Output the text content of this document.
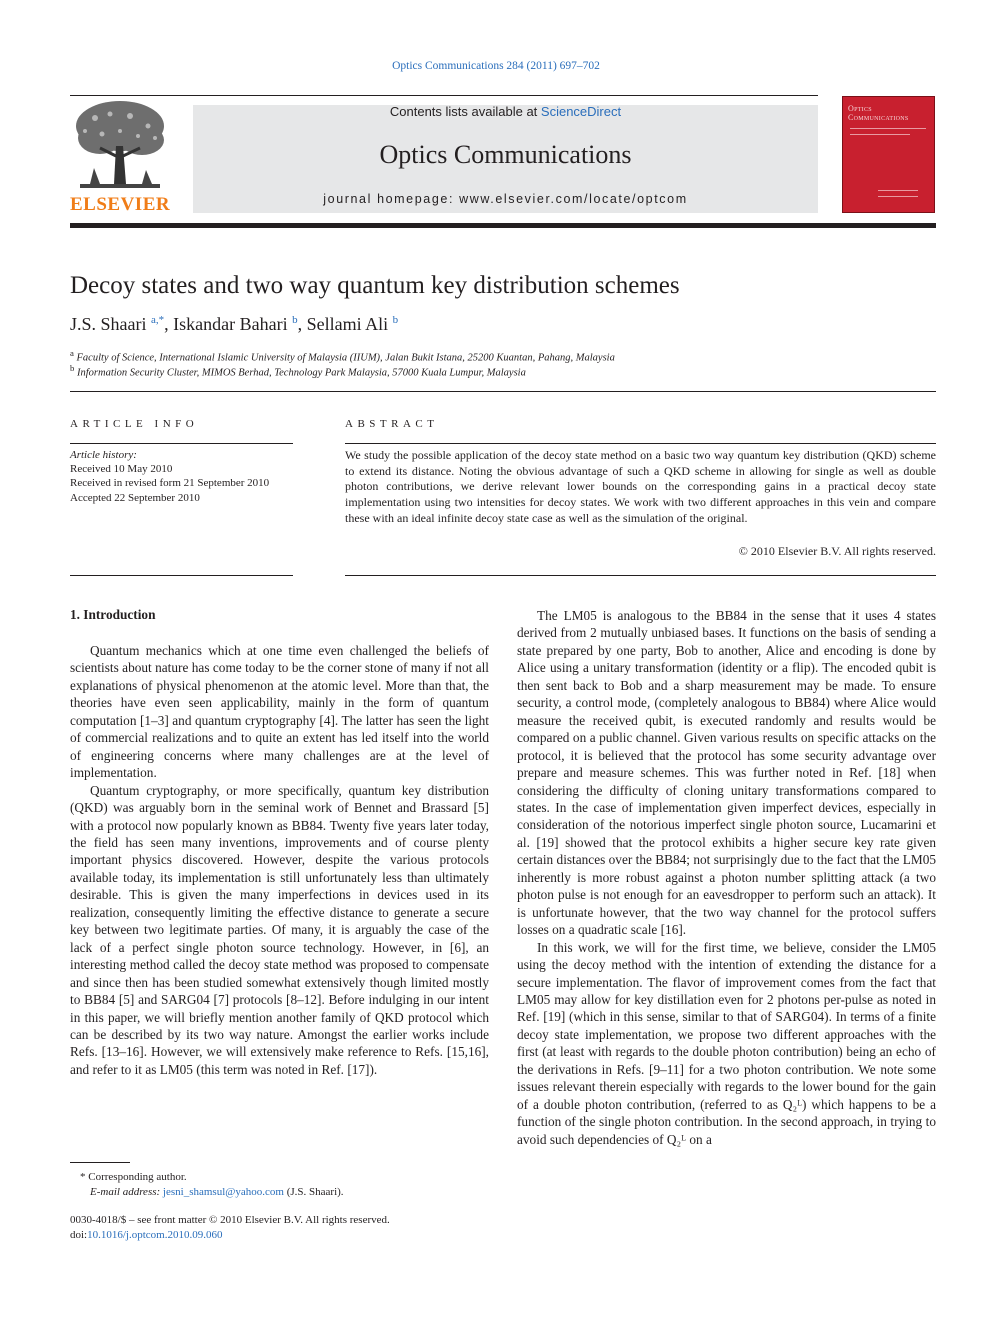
Optics Communications 284 (2011) 697–702
ELSEVIER
Contents lists available at ScienceDirect
Optics Communications
journal homepage: www.elsevier.com/locate/optcom
Optics Communications
Decoy states and two way quantum key distribution schemes
J.S. Shaari $^{a,*}$, Iskandar Bahari $^b$, Sellami Ali $^b$
$^a$ Faculty of Science, International Islamic University of Malaysia (IIUM), Jalan Bukit Istana, 25200 Kuantan, Pahang, Malaysia
$^b$ Information Security Cluster, MIMOS Berhad, Technology Park Malaysia, 57000 Kuala Lumpur, Malaysia
ARTICLE INFO
Article history:
Received 10 May 2010
Received in revised form 21 September 2010
Accepted 22 September 2010
ABSTRACT
We study the possible application of the decoy state method on a basic two way quantum key distribution (QKD) scheme to extend its distance. Noting the obvious advantage of such a QKD scheme in allowing for single as well as double photon contributions, we derive relevant lower bounds on the corresponding gains in a practical decoy state implementation using two intensities for decoy states. We work with two different approaches in this vein and compare these with an ideal infinite decoy state case as well as the simulation of the original.
© 2010 Elsevier B.V. All rights reserved.
1. Introduction

Quantum mechanics which at one time even challenged the beliefs of scientists about nature has come today to be the corner stone of many if not all explanations of physical phenomenon at the atomic level. More than that, the theories have even seen applicability, mainly in the form of quantum computation [1–3] and quantum cryptography [4]. The latter has seen the light of commercial realizations and to quite an extent has led itself into the world of engineering concerns where many challenges are at the level of implementation.

Quantum cryptography, or more specifically, quantum key distribution (QKD) was arguably born in the seminal work of Bennet and Brassard [5] with a protocol now popularly known as BB84. Twenty five years later today, the field has seen many inventions, improvements and of course plenty important physics discovered. However, despite the various protocols available today, its implementation is still unfortunately less than ultimately desirable. This is given the many imperfections in devices used in its realization, consequently limiting the effective distance to generate a secure key between two legitimate parties. Of many, it is arguably the case of the lack of a perfect single photon source technology. However, in [6], an interesting method called the decoy state method was proposed to compensate and since then has been studied somewhat extensively though limited mostly to BB84 [5] and SARG04 [7] protocols [8–12]. Before indulging in our intent in this paper, we will briefly mention another family of QKD protocol which can be described by its two way nature. Amongst the earlier works include Refs. [13–16]. However, we will extensively make reference to Refs. [15,16], and refer to it as LM05 (this term was noted in Ref. [17]).

* Corresponding author.
E-mail address: jesni_shamsul@yahoo.com (J.S. Shaari).
0030-4018/$ – see front matter © 2010 Elsevier B.V. All rights reserved.
doi:10.1016/j.optcom.2010.09.060

The LM05 is analogous to the BB84 in the sense that it uses 4 states derived from 2 mutually unbiased bases. It functions on the basis of sending a state prepared by one party, Bob to another, Alice and encoding is done by Alice using a unitary transformation (identity or a flip). The encoded qubit is then sent back to Bob and a sharp measurement may be made. To ensure security, a control mode, (completely analogous to BB84) where Alice would measure the received qubit, is executed randomly and results would be compared on a public channel. Given various results on specific attacks on the protocol, it is believed that the protocol has some security advantage over prepare and measure schemes. This was further noted in Ref. [18] when considering the difficulty of cloning unitary transformations compared to states. In the case of implementation given imperfect devices, especially in consideration of the notorious imperfect single photon source, Lucamarini et al. [19] showed that the protocol exhibits a higher secure key rate given certain distances over the BB84; not surprisingly due to the fact that the LM05 inherently is more robust against a photon number splitting attack (a two photon pulse is not enough for an eavesdropper to perform such an attack). It is unfortunate however, that the two way channel for the protocol suffers losses on a quadratic scale [16].

In this work, we will for the first time, we believe, consider the LM05 using the decoy method with the intention of extending the distance for a secure implementation. The flavor of improvement comes from the fact that LM05 may allow for key distillation even for 2 photons per-pulse as noted in Ref. [19] (which in this sense, similar to that of SARG04). In terms of a finite decoy state implementation, we propose two different approaches with the first (at least with regards to the double photon contribution) being an echo of the derivations in Refs. [9–11] for a two photon contribution. We note some issues relevant therein especially with regards to the lower bound for the gain of a double photon contribution, (referred to as Q₂ᴸ) which happens to be a function of the single photon contribution. In the second approach, in trying to avoid such dependencies of Q₂ᴸ on a
